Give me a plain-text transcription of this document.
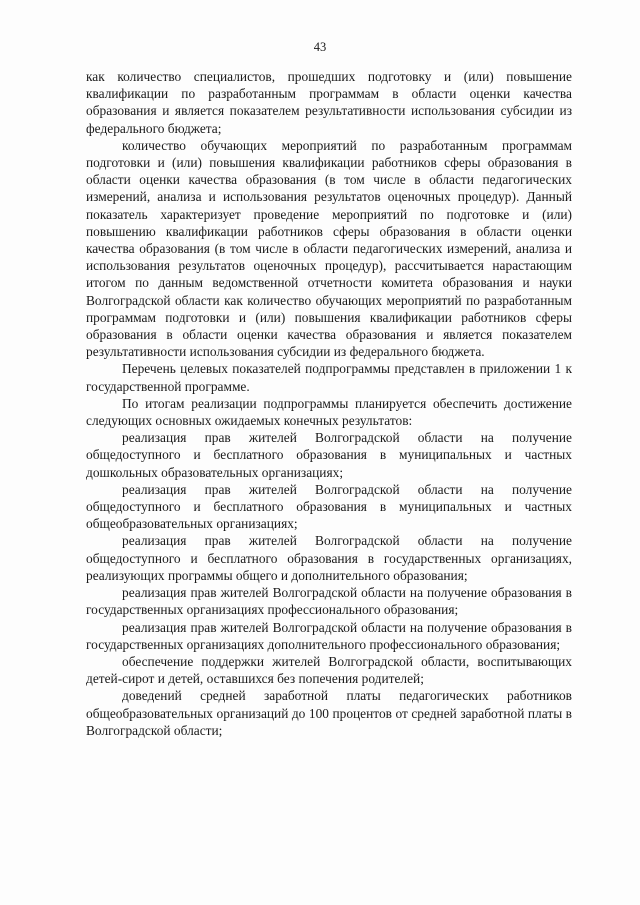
43

как количество специалистов, прошедших подготовку и (или) повышение квалификации по разработанным программам в области оценки качества образования и является показателем результативности использования субсидии из федерального бюджета;

количество обучающих мероприятий по разработанным программам подготовки и (или) повышения квалификации работников сферы образования в области оценки качества образования (в том числе в области педагогических измерений, анализа и использования результатов оценочных процедур). Данный показатель характеризует проведение мероприятий по подготовке и (или) повышению квалификации работников сферы образования в области оценки качества образования (в том числе в области педагогических измерений, анализа и использования результатов оценочных процедур), рассчитывается нарастающим итогом по данным ведомственной отчетности комитета образования и науки Волгоградской области как количество обучающих мероприятий по разработанным программам подготовки и (или) повышения квалификации работников сферы образования в области оценки качества образования и является показателем результативности использования субсидии из федерального бюджета.

Перечень целевых показателей подпрограммы представлен в приложении 1 к государственной программе.

По итогам реализации подпрограммы планируется обеспечить достижение следующих основных ожидаемых конечных результатов:

реализация прав жителей Волгоградской области на получение общедоступного и бесплатного образования в муниципальных и частных дошкольных образовательных организациях;

реализация прав жителей Волгоградской области на получение общедоступного и бесплатного образования в муниципальных и частных общеобразовательных организациях;

реализация прав жителей Волгоградской области на получение общедоступного и бесплатного образования в государственных организациях, реализующих программы общего и дополнительного образования;

реализация прав жителей Волгоградской области на получение образования в государственных организациях профессионального образования;

реализация прав жителей Волгоградской области на получение образования в государственных организациях дополнительного профессионального образования;

обеспечение поддержки жителей Волгоградской области, воспитывающих детей-сирот и детей, оставшихся без попечения родителей;

доведений средней заработной платы педагогических работников общеобразовательных организаций до 100 процентов от средней заработной платы в Волгоградской области;
